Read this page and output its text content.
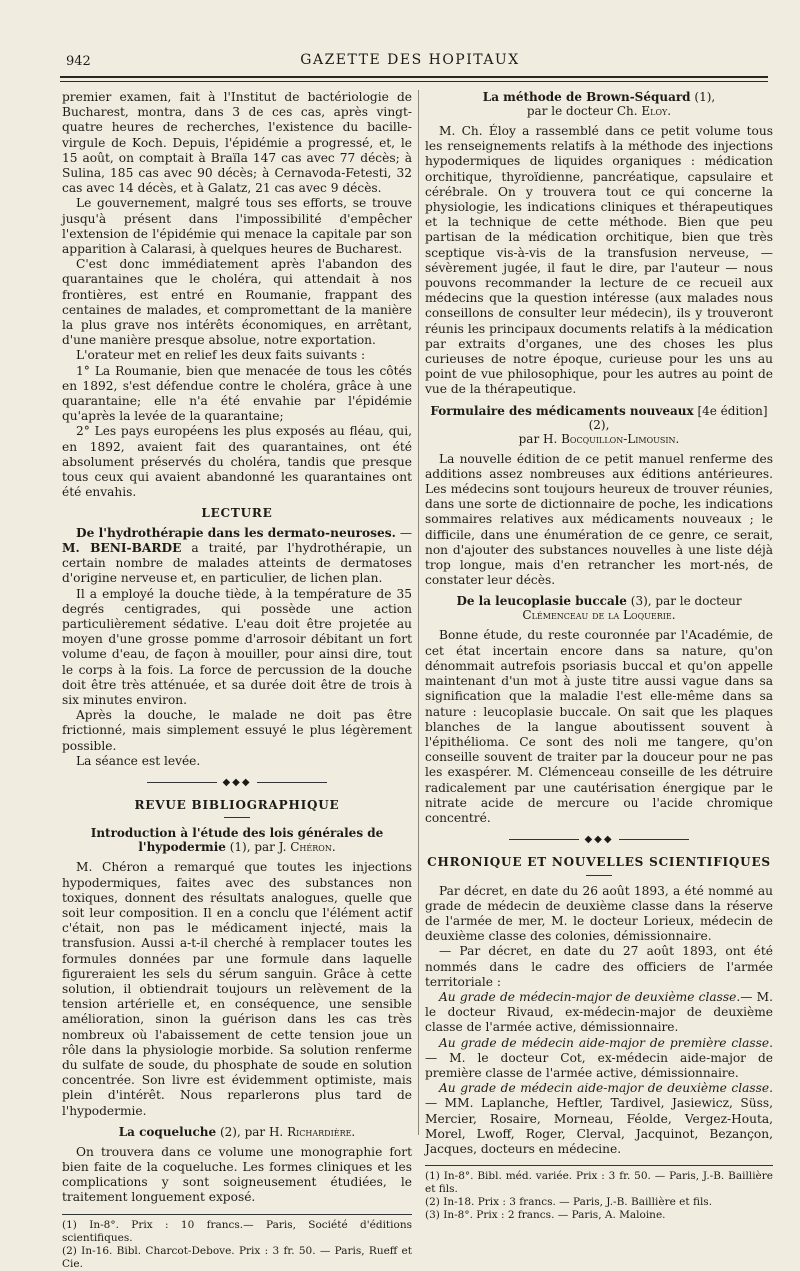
942	GAZETTE DES HOPITAUX

premier examen, fait à l'Institut de bactériologie de Bucharest, montra, dans 3 de ces cas, après vingt-quatre heures de recherches, l'existence du bacille-virgule de Koch. Depuis, l'épidémie a progressé, et, le 15 août, on comptait à Braïla 147 cas avec 77 décès; à Sulina, 185 cas avec 90 décès; à Cernavoda-Fetesti, 32 cas avec 14 décès, et à Galatz, 21 cas avec 9 décès.

Le gouvernement, malgré tous ses efforts, se trouve jusqu'à présent dans l'impossibilité d'empêcher l'extension de l'épidémie qui menace la capitale par son apparition à Calarasi, à quelques heures de Bucharest.

C'est donc immédiatement après l'abandon des quarantaines que le choléra, qui attendait à nos frontières, est entré en Roumanie, frappant des centaines de malades, et compromettant de la manière la plus grave nos intérêts économiques, en arrêtant, d'une manière presque absolue, notre exportation.

L'orateur met en relief les deux faits suivants :

1° La Roumanie, bien que menacée de tous les côtés en 1892, s'est défendue contre le choléra, grâce à une quarantaine; elle n'a été envahie par l'épidémie qu'après la levée de la quarantaine;

2° Les pays européens les plus exposés au fléau, qui, en 1892, avaient fait des quarantaines, ont été absolument préservés du choléra, tandis que presque tous ceux qui avaient abandonné les quarantaines ont été envahis.

LECTURE

De l'hydrothérapie dans les dermato-neuroses. — M. BENI-BARDE a traité, par l'hydrothérapie, un certain nombre de malades atteints de dermatoses d'origine nerveuse et, en particulier, de lichen plan.

Il a employé la douche tiède, à la température de 35 degrés centigrades, qui possède une action particulièrement sédative. L'eau doit être projetée au moyen d'une grosse pomme d'arrosoir débitant un fort volume d'eau, de façon à mouiller, pour ainsi dire, tout le corps à la fois. La force de percussion de la douche doit être très atténuée, et sa durée doit être de trois à six minutes environ.

Après la douche, le malade ne doit pas être frictionné, mais simplement essuyé le plus légèrement possible.

La séance est levée.

◆◆◆
REVUE BIBLIOGRAPHIQUE
Introduction à l'étude des lois générales de l'hypodermie (1), par J. Chéron.

M. Chéron a remarqué que toutes les injections hypodermiques, faites avec des substances non toxiques, donnent des résultats analogues, quelle que soit leur composition. Il en a conclu que l'élément actif c'était, non pas le médicament injecté, mais la transfusion. Aussi a-t-il cherché à remplacer toutes les formules données par une formule dans laquelle figureraient les sels du sérum sanguin. Grâce à cette solution, il obtiendrait toujours un relèvement de la tension artérielle et, en conséquence, une sensible amélioration, sinon la guérison dans les cas très nombreux où l'abaissement de cette tension joue un rôle dans la physiologie morbide. Sa solution renferme du sulfate de soude, du phosphate de soude en solution concentrée. Son livre est évidemment optimiste, mais plein d'intérêt. Nous reparlerons plus tard de l'hypodermie.

La coqueluche (2), par H. Richardière.

On trouvera dans ce volume une monographie fort bien faite de la coqueluche. Les formes cliniques et les complications y sont soigneusement étudiées, le traitement longuement exposé.

(1) In-8°. Prix : 10 francs.— Paris, Société d'éditions scientifiques.

(2) In-16. Bibl. Charcot-Debove. Prix : 3 fr. 50. — Paris, Rueff et Cie.

La méthode de Brown-Séquard (1),
par le docteur Ch. Eloy.

M. Ch. Éloy a rassemblé dans ce petit volume tous les renseignements relatifs à la méthode des injections hypodermiques de liquides organiques : médication orchitique, thyroïdienne, pancréatique, capsulaire et cérébrale. On y trouvera tout ce qui concerne la physiologie, les indications cliniques et thérapeutiques et la technique de cette méthode. Bien que peu partisan de la médication orchitique, bien que très sceptique vis-à-vis de la transfusion nerveuse, — sévèrement jugée, il faut le dire, par l'auteur — nous pouvons recommander la lecture de ce recueil aux médecins que la question intéresse (aux malades nous conseillons de consulter leur médecin), ils y trouveront réunis les principaux documents relatifs à la médication par extraits d'organes, une des choses les plus curieuses de notre époque, curieuse pour les uns au point de vue philosophique, pour les autres au point de vue de la thérapeutique.

Formulaire des médicaments nouveaux [4e édition] (2),
par H. Bocquillon-Limousin.

La nouvelle édition de ce petit manuel renferme des additions assez nombreuses aux éditions antérieures. Les médecins sont toujours heureux de trouver réunies, dans une sorte de dictionnaire de poche, les indications sommaires relatives aux médicaments nouveaux ; le difficile, dans une énumération de ce genre, ce serait, non d'ajouter des substances nouvelles à une liste déjà trop longue, mais d'en retrancher les mort-nés, de constater leur décès.

De la leucoplasie buccale (3), par le docteur Clémenceau de la Loquerie.

Bonne étude, du reste couronnée par l'Académie, de cet état incertain encore dans sa nature, qu'on dénommait autrefois psoriasis buccal et qu'on appelle maintenant d'un mot à juste titre aussi vague dans sa signification que la maladie l'est elle-même dans sa nature : leucoplasie buccale. On sait que les plaques blanches de la langue aboutissent souvent à l'épithélioma. Ce sont des noli me tangere, qu'on conseille souvent de traiter par la douceur pour ne pas les exaspérer. M. Clémenceau conseille de les détruire radicalement par une cautérisation énergique par le nitrate acide de mercure ou l'acide chromique concentré.

◆◆◆
CHRONIQUE ET NOUVELLES SCIENTIFIQUES

Par décret, en date du 26 août 1893, a été nommé au grade de médecin de deuxième classe dans la réserve de l'armée de mer, M. le docteur Lorieux, médecin de deuxième classe des colonies, démissionnaire.

— Par décret, en date du 27 août 1893, ont été nommés dans le cadre des officiers de l'armée territoriale :

Au grade de médecin-major de deuxième classe.— M. le docteur Rivaud, ex-médecin-major de deuxième classe de l'armée active, démissionnaire.

Au grade de médecin aide-major de première classe. — M. le docteur Cot, ex-médecin aide-major de première classe de l'armée active, démissionnaire.

Au grade de médecin aide-major de deuxième classe. — MM. Laplanche, Heftler, Tardivel, Jasiewicz, Süss, Mercier, Rosaire, Morneau, Féolde, Vergez-Houta, Morel, Lwoff, Roger, Clerval, Jacquinot, Bezançon, Jacques, docteurs en médecine.

(1) In-8°. Bibl. méd. variée. Prix : 3 fr. 50. — Paris, J.-B. Baillière et fils.

(2) In-18. Prix : 3 francs. — Paris, J.-B. Baillière et fils.

(3) In-8°. Prix : 2 francs. — Paris, A. Maloine.
